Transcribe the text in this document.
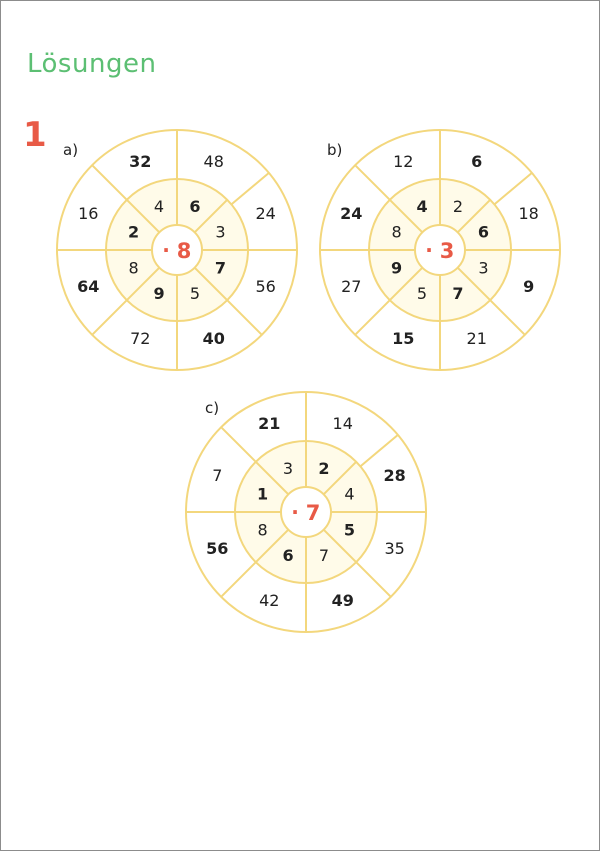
Lösungen
1 a)
6
3
7
5
9
8
2
4
48
24
56
40
72
64
16
32
· 8
b)
2
6
3
7
5
9
8
4
6
18
9
21
15
27
24
12
· 3
c)
2
4
5
7
6
8
1
3
14
28
35
49
42
56
7
21
· 7
